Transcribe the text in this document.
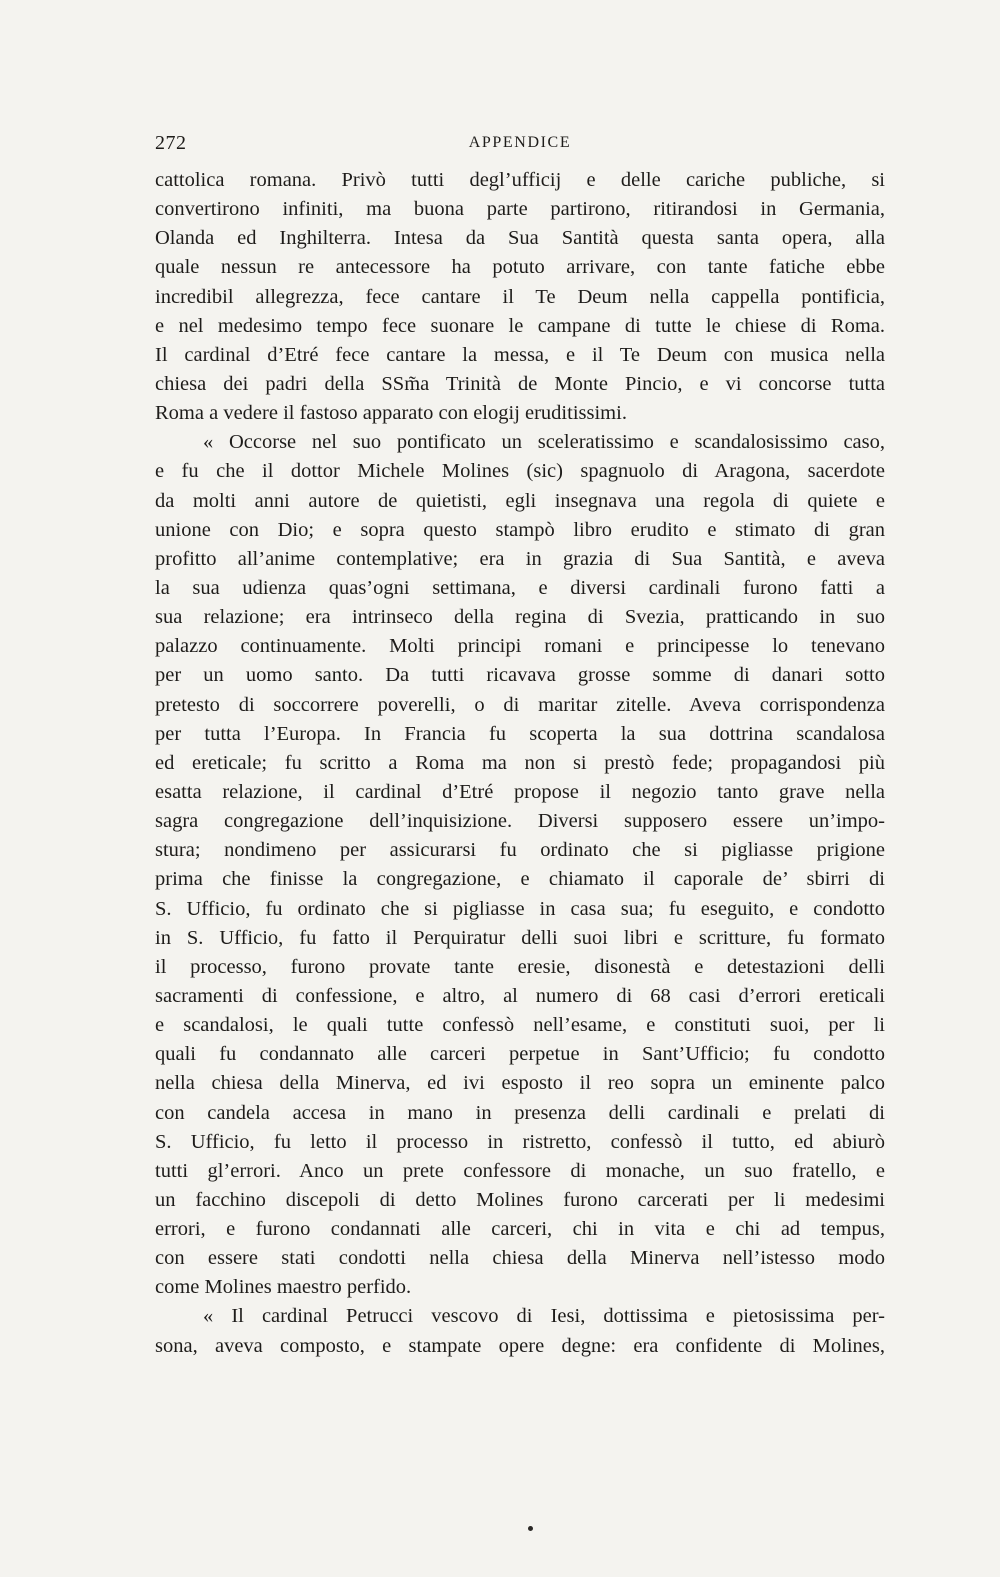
272	APPENDICE
cattolica romana. Privò tutti degl’ufficij e delle cariche publiche, si
convertirono infiniti, ma buona parte partirono, ritirandosi in Germania,
Olanda ed Inghilterra. Intesa da Sua Santità questa santa opera, alla
quale nessun re antecessore ha potuto arrivare, con tante fatiche ebbe
incredibil allegrezza, fece cantare il Te Deum nella cappella pontificia,
e nel medesimo tempo fece suonare le campane di tutte le chiese di Roma.
Il cardinal d’Etré fece cantare la messa, e il Te Deum con musica nella
chiesa dei padri della SSm̃a Trinità de Monte Pincio, e vi concorse tutta
Roma a vedere il fastoso apparato con elogij eruditissimi.
« Occorse nel suo pontificato un sceleratissimo e scandalosissimo caso,
e fu che il dottor Michele Molines (sic) spagnuolo di Aragona, sacerdote
da molti anni autore de quietisti, egli insegnava una regola di quiete e
unione con Dio; e sopra questo stampò libro erudito e stimato di gran
profitto all’anime contemplative; era in grazia di Sua Santità, e aveva
la sua udienza quas’ogni settimana, e diversi cardinali furono fatti a
sua relazione; era intrinseco della regina di Svezia, pratticando in suo
palazzo continuamente. Molti principi romani e principesse lo tenevano
per un uomo santo. Da tutti ricavava grosse somme di danari sotto
pretesto di soccorrere poverelli, o di maritar zitelle. Aveva corrispondenza
per tutta l’Europa. In Francia fu scoperta la sua dottrina scandalosa
ed ereticale; fu scritto a Roma ma non si prestò fede; propagandosi più
esatta relazione, il cardinal d’Etré propose il negozio tanto grave nella
sagra congregazione dell’inquisizione. Diversi supposero essere un’impo-
stura; nondimeno per assicurarsi fu ordinato che si pigliasse prigione
prima che finisse la congregazione, e chiamato il caporale de’ sbirri di
S. Ufficio, fu ordinato che si pigliasse in casa sua; fu eseguito, e condotto
in S. Ufficio, fu fatto il Perquiratur delli suoi libri e scritture, fu formato
il processo, furono provate tante eresie, disonestà e detestazioni delli
sacramenti di confessione, e altro, al numero di 68 casi d’errori ereticali
e scandalosi, le quali tutte confessò nell’esame, e constituti suoi, per li
quali fu condannato alle carceri perpetue in Sant’Ufficio; fu condotto
nella chiesa della Minerva, ed ivi esposto il reo sopra un eminente palco
con candela accesa in mano in presenza delli cardinali e prelati di
S. Ufficio, fu letto il processo in ristretto, confessò il tutto, ed abiurò
tutti gl’errori. Anco un prete confessore di monache, un suo fratello, e
un facchino discepoli di detto Molines furono carcerati per li medesimi
errori, e furono condannati alle carceri, chi in vita e chi ad tempus,
con essere stati condotti nella chiesa della Minerva nell’istesso modo
come Molines maestro perfido.
« Il cardinal Petrucci vescovo di Iesi, dottissima e pietosissima per-
sona, aveva composto, e stampate opere degne: era confidente di Molines,
